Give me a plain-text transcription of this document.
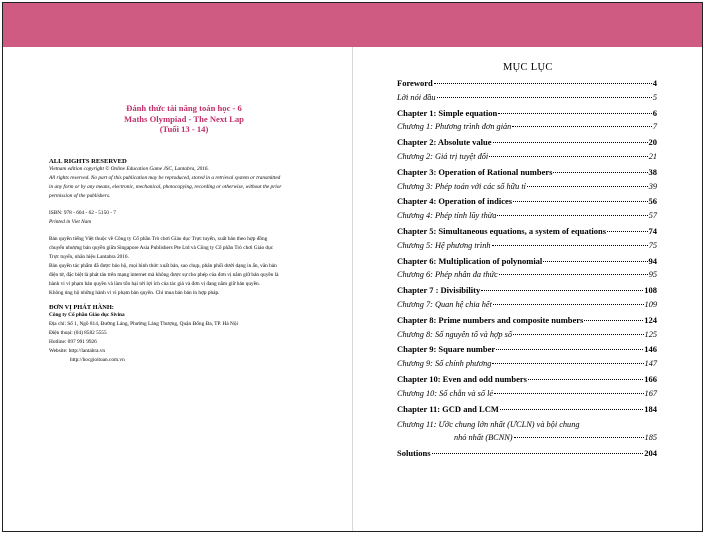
Đánh thức tài năng toán học - 6
Maths Olympiad - The Next Lap
(Tuổi 13 - 14)
ALL RIGHTS RESERVED
Vietnam edition copyright © Online Education Game JSC, Lantabra, 2016.
All rights reserved. No part of this publication may be reproduced, stored in a retrieval system or transmitted
in any form or by any means, electronic, mechanical, photocopying, recording or otherwise, without the prior
permission of the publishers.
ISBN: 978 - 604 - 62 - 5150 - 7
Printed in Viet Nam
Bản quyền tiếng Việt thuộc về Công ty Cổ phần Trò chơi Giáo dục Trực tuyến, xuất bản theo hợp đồng
chuyển nhượng bản quyền giữa Singapore Asia Publishers Pte Ltd và Công ty Cổ phần Trò chơi Giáo dục
Trực tuyến, nhãn hiệu Lantabra 2016.
Bản quyền tác phẩm đã được bảo hộ, mọi hình thức xuất bản, sao chụp, phân phối dưới dạng in ấn, văn bản
điện tử, đặc biệt là phát tán trên mạng internet mà không được sự cho phép của đơn vị nắm giữ bản quyền là
hành vi vi phạm bản quyền và làm tổn hại tới lợi ích của tác giả và đơn vị đang nắm giữ bản quyền.
Không ủng hộ những hành vi vi phạm bản quyền. Chỉ mua bán bản in hợp pháp.
ĐƠN VỊ PHÁT HÀNH:
Công ty Cổ phần Giáo dục Sivina
Địa chỉ: Số 1, Ngõ 814, Đường Láng, Phường Láng Thượng, Quận Đống Đa, TP. Hà Nội
Điện thoại: (04) 8582 5555
Hotline: 097 991 9926
Website: http://lantabra.vn
http://hocgioitoan.com.vn
MỤC LỤC
Foreword	4
Lời nói đầu	5
Chapter 1: Simple equation	6
Chương 1: Phương trình đơn giản	7
Chapter 2: Absolute value	20
Chương 2: Giá trị tuyệt đối	21
Chapter 3: Operation of Rational numbers	38
Chương 3: Phép toán với các số hữu tỉ	39
Chapter 4: Operation of indices	56
Chương 4: Phép tính lũy thừa	57
Chapter 5: Simultaneous equations, a system of equations	74
Chương 5: Hệ phương trình	75
Chapter 6: Multiplication of polynomial	94
Chương 6: Phép nhân đa thức	95
Chapter 7 : Divisibility	108
Chương 7: Quan hệ chia hết	109
Chapter 8: Prime numbers and composite numbers	124
Chương 8: Số nguyên tố và hợp số	125
Chapter 9: Square number	146
Chương 9: Số chính phương	147
Chapter 10: Even and odd numbers	166
Chương 10: Số chẵn và số lẻ	167
Chapter 11: GCD and LCM	184
Chương 11: Ước chung lớn nhất (ƯCLN) và bội chung
nhỏ nhất (BCNN)	185
Solutions	204
